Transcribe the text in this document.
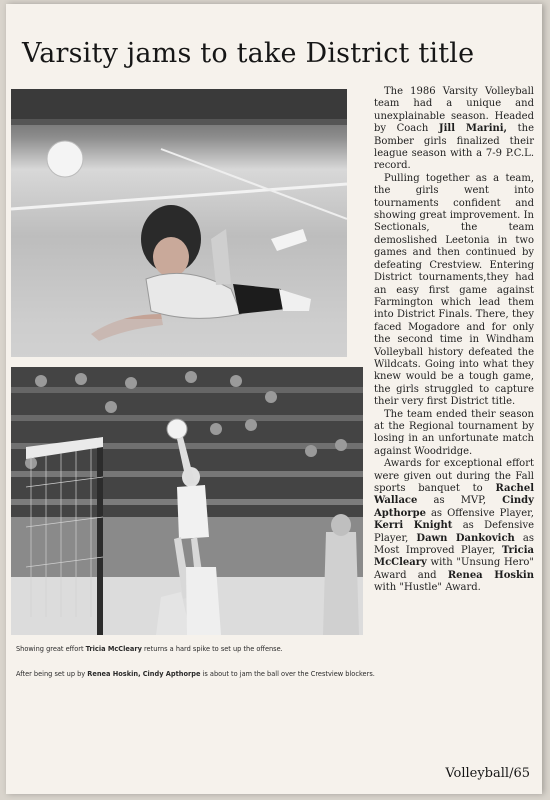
Varsity jams to take District title

The 1986 Varsity Volleyball team had a unique and unexplainable season. Headed by Coach Jill Marini, the Bomber girls finalized their league season with a 7-9 P.C.L. record.

Pulling together as a team, the girls went into tournaments confident and showing great improvement. In Sectionals, the team demoslished Leetonia in two games and then continued by defeating Crestview. Entering District tournaments,they had an easy first game against Farmington which lead them into District Finals. There, they faced Mogadore and for only the second time in Windham Volleyball history defeated the Wildcats. Going into what they knew would be a tough game, the girls struggled to capture their very first District title.

The team ended their season at the Regional tournament by losing in an unfortunate match against Woodridge.

Awards for exceptional effort were given out during the Fall sports banquet to Rachel Wallace as MVP, Cindy Apthorpe as Offensive Player, Kerri Knight as Defensive Player, Dawn Dankovich as Most Improved Player, Tricia McCleary with "Unsung Hero" Award and Renea Hoskin with "Hustle" Award.

Showing great effort Tricia McCleary returns a hard spike to set up the offense.

After being set up by Renea Hoskin, Cindy Apthorpe is about to jam the ball over the Crestview blockers.

Volleyball/65
